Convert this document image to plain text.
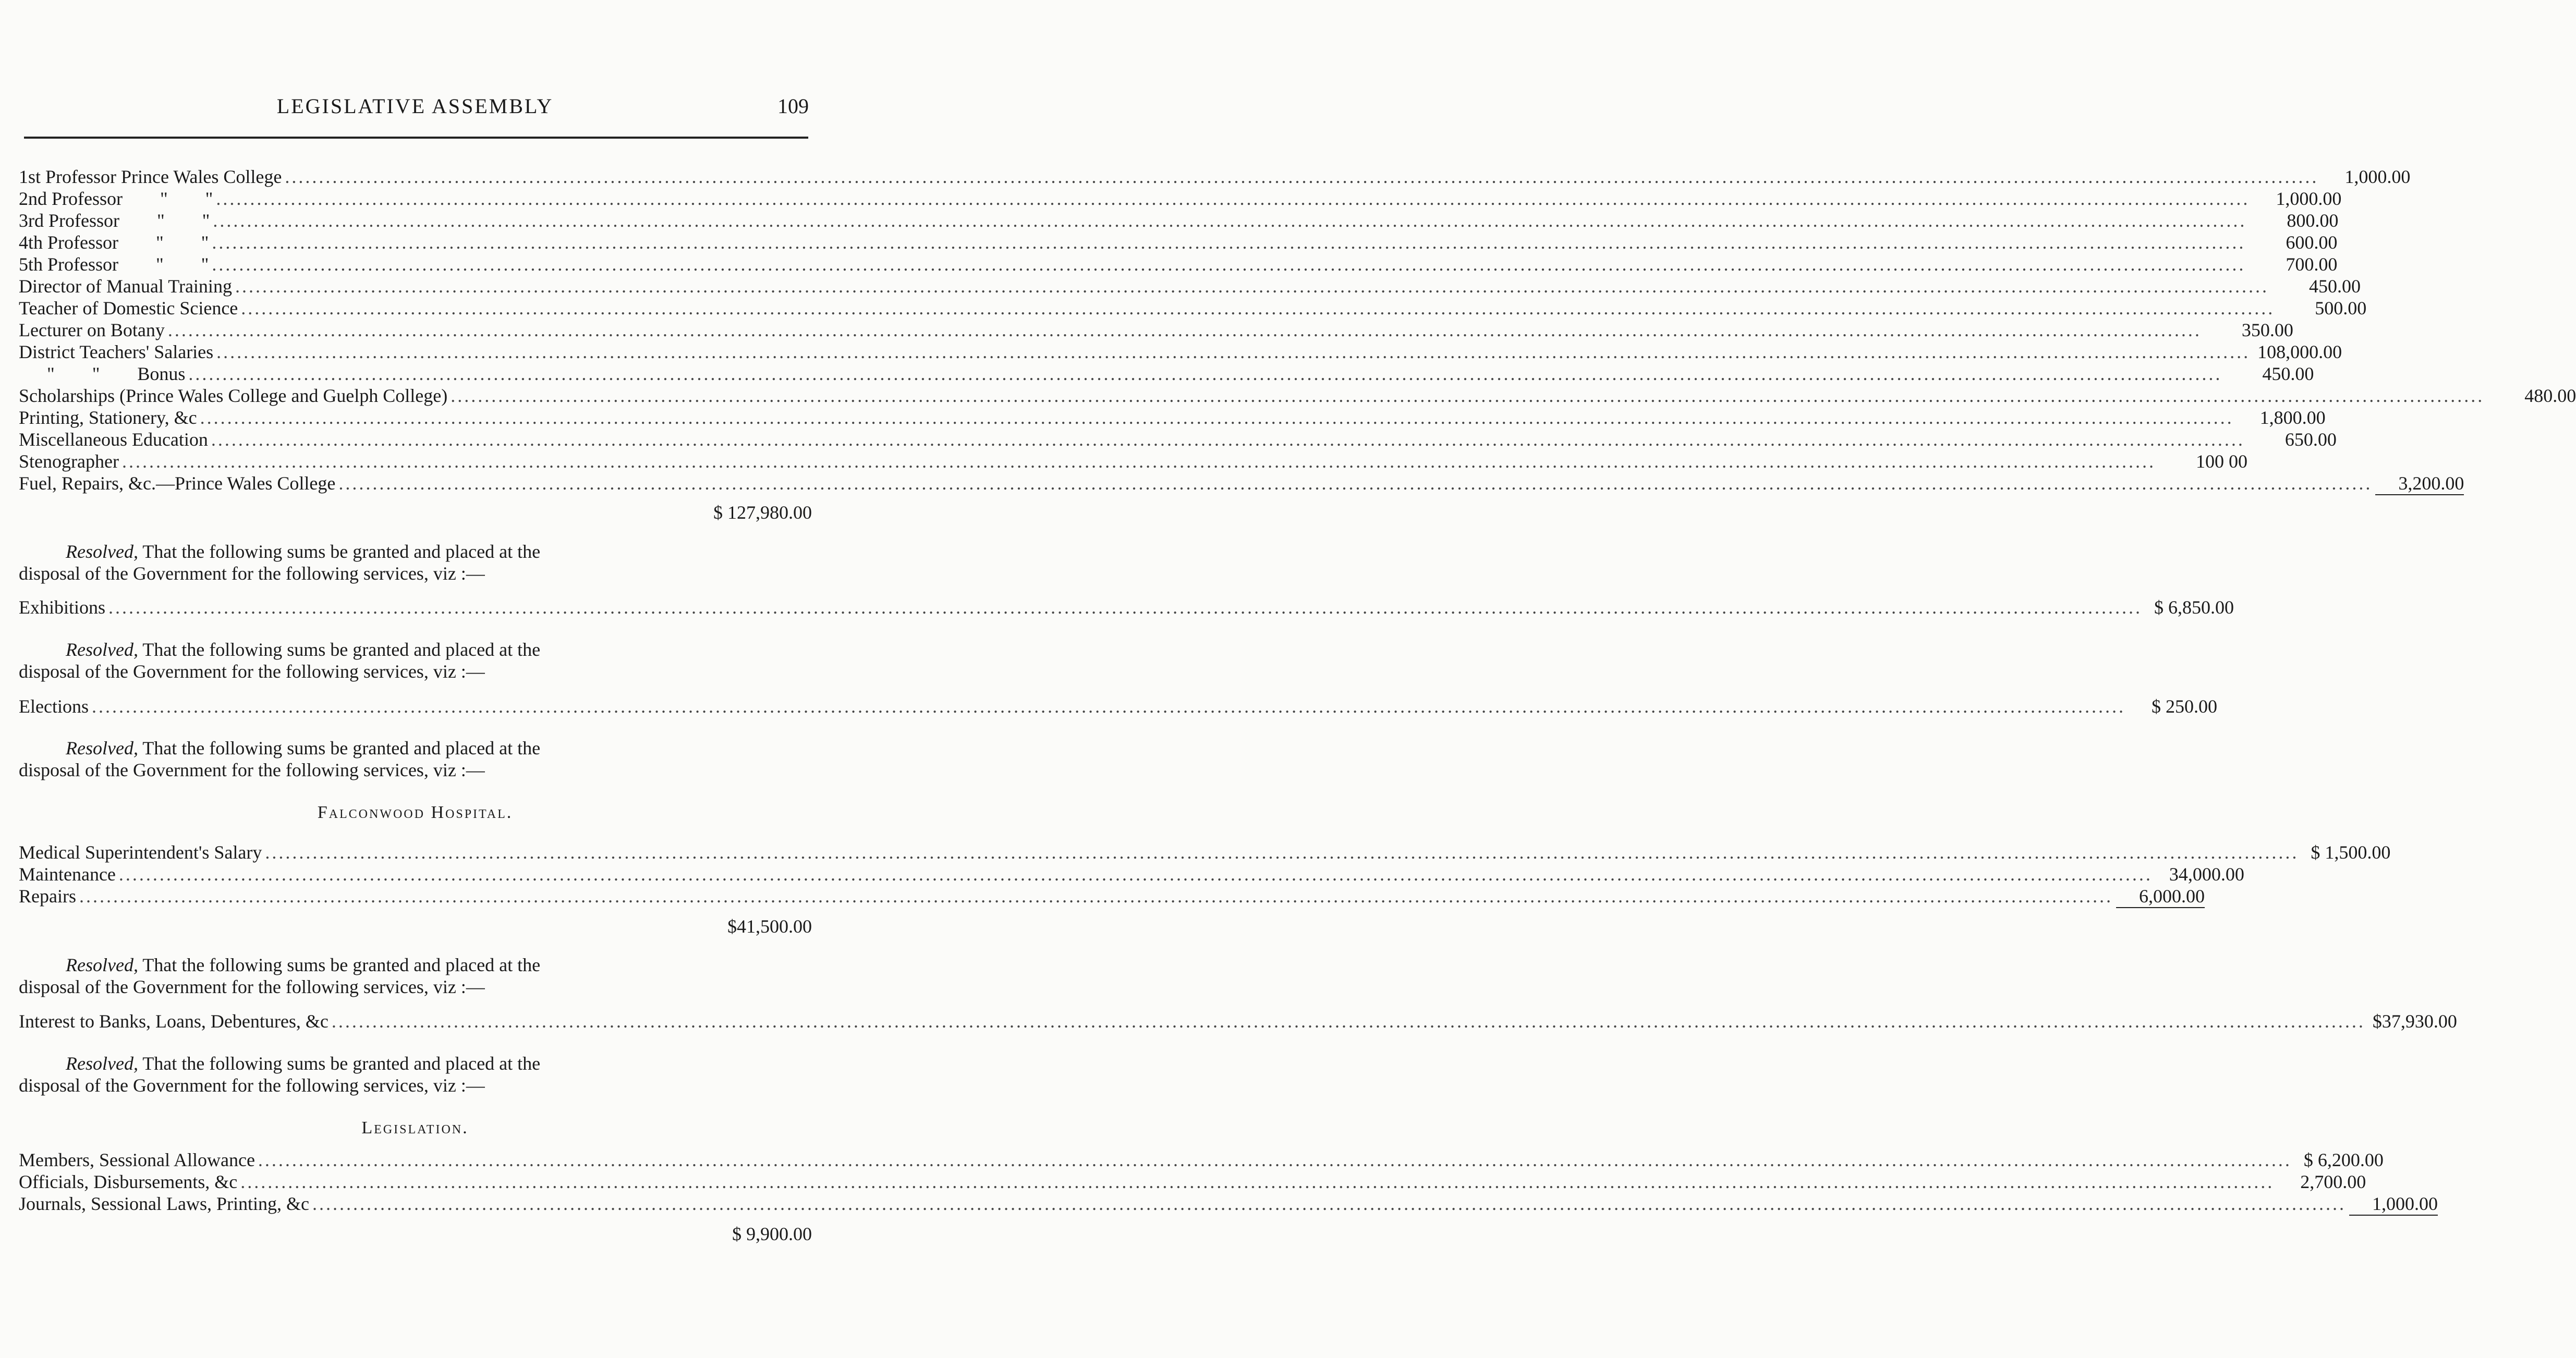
LEGISLATIVE ASSEMBLY	109
1st Professor Prince Wales College ............................................................................................................................................................................................................................................................................................................	1,000.00
2nd Professor        "        " ............................................................................................................................................................................................................................................................................................................	1,000.00
3rd Professor        "        " ............................................................................................................................................................................................................................................................................................................	800.00
4th Professor        "        " ............................................................................................................................................................................................................................................................................................................	600.00
5th Professor        "        " ............................................................................................................................................................................................................................................................................................................	700.00
Director of Manual Training ............................................................................................................................................................................................................................................................................................................	450.00
Teacher of Domestic Science ............................................................................................................................................................................................................................................................................................................	500.00
Lecturer on Botany ............................................................................................................................................................................................................................................................................................................	350.00
District Teachers' Salaries ............................................................................................................................................................................................................................................................................................................ 108,000.00
"        "        Bonus ............................................................................................................................................................................................................................................................................................................	450.00
Scholarships (Prince Wales College and Guelph College) ............................................................................................................................................................................................................................................................................................................	480.00
Printing, Stationery, &c ............................................................................................................................................................................................................................................................................................................	1,800.00
Miscellaneous Education ............................................................................................................................................................................................................................................................................................................	650.00
Stenographer ............................................................................................................................................................................................................................................................................................................	100 00
Fuel, Repairs, &c.—Prince Wales College ............................................................................................................................................................................................................................................................................................................	3,200.00
$ 127,980.00

Resolved, That the following sums be granted and placed at the

disposal of the Government for the following services, viz :—

Exhibitions ............................................................................................................................................................................................................................................................................................................ $ 6,850.00

Resolved, That the following sums be granted and placed at the

disposal of the Government for the following services, viz :—

Elections ............................................................................................................................................................................................................................................................................................................	$ 250.00

Resolved, That the following sums be granted and placed at the

disposal of the Government for the following services, viz :—

Falconwood Hospital.
Medical Superintendent's Salary ............................................................................................................................................................................................................................................................................................................ $ 1,500.00
Maintenance ............................................................................................................................................................................................................................................................................................................ 34,000.00
Repairs ............................................................................................................................................................................................................................................................................................................	6,000.00
$41,500.00

Resolved, That the following sums be granted and placed at the

disposal of the Government for the following services, viz :—

Interest to Banks, Loans, Debentures, &c ............................................................................................................................................................................................................................................................................................................ $37,930.00

Resolved, That the following sums be granted and placed at the

disposal of the Government for the following services, viz :—

Legislation.
Members, Sessional Allowance ............................................................................................................................................................................................................................................................................................................ $ 6,200.00
Officials, Disbursements, &c ............................................................................................................................................................................................................................................................................................................	2,700.00
Journals, Sessional Laws, Printing, &c ............................................................................................................................................................................................................................................................................................................	1,000.00
$ 9,900.00
